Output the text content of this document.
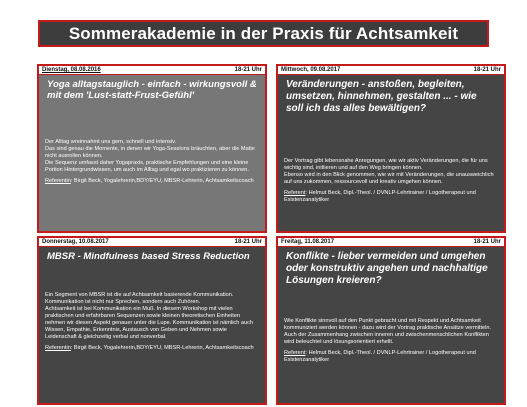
Sommerakademie in der Praxis für Achtsamkeit
Dienstag, 08.08.2016	18-21 Uhr
Yoga alltagstauglich - einfach - wirkungsvoll & mit dem 'Lust-statt-Frust-Gefühl'

Der Alltag wreinnahmt uns gern, schnell und intensiv.

Das sind genau die Momente, in denen wir Yoga-Sessions bräuchten, aber die Matte nicht ausrollen können.

Die Sequenz umfasst daher Yogapraxis, praktische Empfehlungen und eine kleine Portion Hintergrundwissen, um auch im Alltag und egal wo praktizieren zu können.

Referentin: Birgit Beck, Yogalehrerin,BDY/EYU, MBSR-Lehrerin, Achtsamkeitscoach

Mittwoch, 09.08.2017	18-21 Uhr
Veränderungen - anstoßen, begleiten, umsetzen, hinnehmen, gestalten ... - wie soll ich das alles bewältigen?

Der Vortrag gibt lebensnahe Anregungen, wie wir aktiv Veränderungen, die für uns wichtig sind, initiieren und auf den Weg bringen können.

Ebenso wird in den Blick genommen, wie wir mit Veränderungen, die unausweichlich auf uns zukommen, ressourcevoll und kreativ umgehen können.

Referent: Helmut Beck, Dipl.-Theol. / DVNLP-Lehrtrainer / Logotherapeut und Existenzanalytiker

Donnerstag, 10.08.2017	18-21 Uhr
MBSR - Mindfulness based Stress Reduction

Ein Segment von MBSR ist die auf Achtsamkeit basierende Kommunikation.

Kommunikation ist nicht nur Sprechen, sondern auch Zuhören.

Achtsamkeit ist bei Kommunikation ein Muß. In diesem Workshop mit vielen praktischen und erfahrbaren Sequenzen sowie kleinen theoretischen Einheiten nehmen wir diesen Aspekt genauer unter die Lupe. Kommunikation ist nämlich auch Wissen, Empathie, Erkenntnis, Austausch von Geben und Nehmen sowie Leidenschaft & gleichzeitig verbal und nonverbal.

Referentin: Birgit Beck, Yogalehrerin,BDY/EYU, MBSR-Lehrerin, Achtsamkeitscoach

Freitag, 11.08.2017	18-21 Uhr
Konflikte - lieber vermeiden und umgehen oder konstruktiv angehen und nachhaltige Lösungen kreieren?

Wie Konflikte sinnvoll auf den Punkt gebracht und mit Respekt und Achtsamkeit kommuniziert werden können - dazu wird der Vortrag praktische Ansätze vermitteln.

Auch der Zusammenhang zwischen inneren und zwischenmenschlichen Konflikten wird beleuchtet und lösungsorientiert erhellt.

Referent: Helmut Beck, Dipl.-Theol. / DVNLP-Lehrtrainer / Logotherapeut und Existenzanalytiker
